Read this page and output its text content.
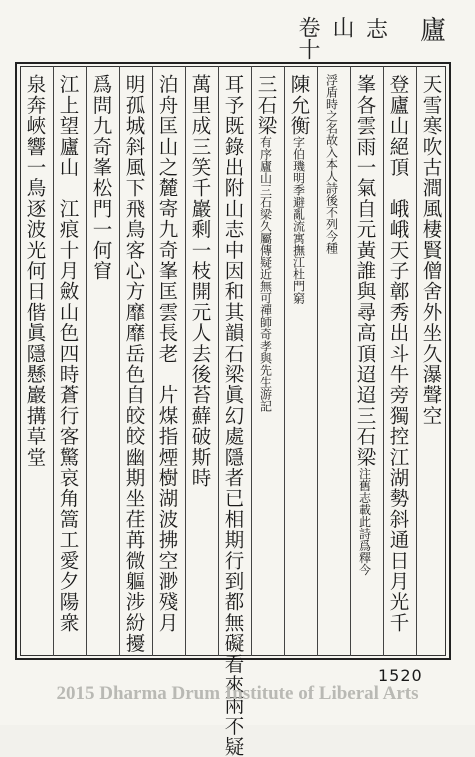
廬
志
山
卷十
天雪寒吹古澗風棲賢僧舍外坐久瀑聲空
登廬山絕頂　峨峨天子鄣秀出斗牛旁獨控江湖勢斜通日月光千
峯各雲雨一氣自元黃誰與尋高頂迢迢三石梁注舊志載此詩爲釋今
浮盾時之名故入本人詩後不列今種
陳允衡字伯璣明季避亂流寓撫江杜門窮
三石梁有序廬山三石梁久屬傳疑近無可禪師奇孝與先生游記
耳予既錄出附山志中因和其韻石梁眞幻處隱者已相期行到都無礙看來兩不疑
萬里成三笑千巖剩一枝開元人去後苔蘚破斯時
泊舟匡山之麓寄九奇峯匡雲長老　片煤指煙樹湖波拂空渺殘月
明孤城斜風下飛鳥客心方靡靡岳色自皎皎幽期坐荏苒微軀涉紛擾
爲問九奇峯松門一何窅
江上望廬山　江痕十月斂山色四時蒼行客驚哀角篙工愛夕陽衆
泉奔峽響一鳥逐波光何日偕眞隱懸巖搆草堂
1520
2015 Dharma Drum Institute of Liberal Arts
